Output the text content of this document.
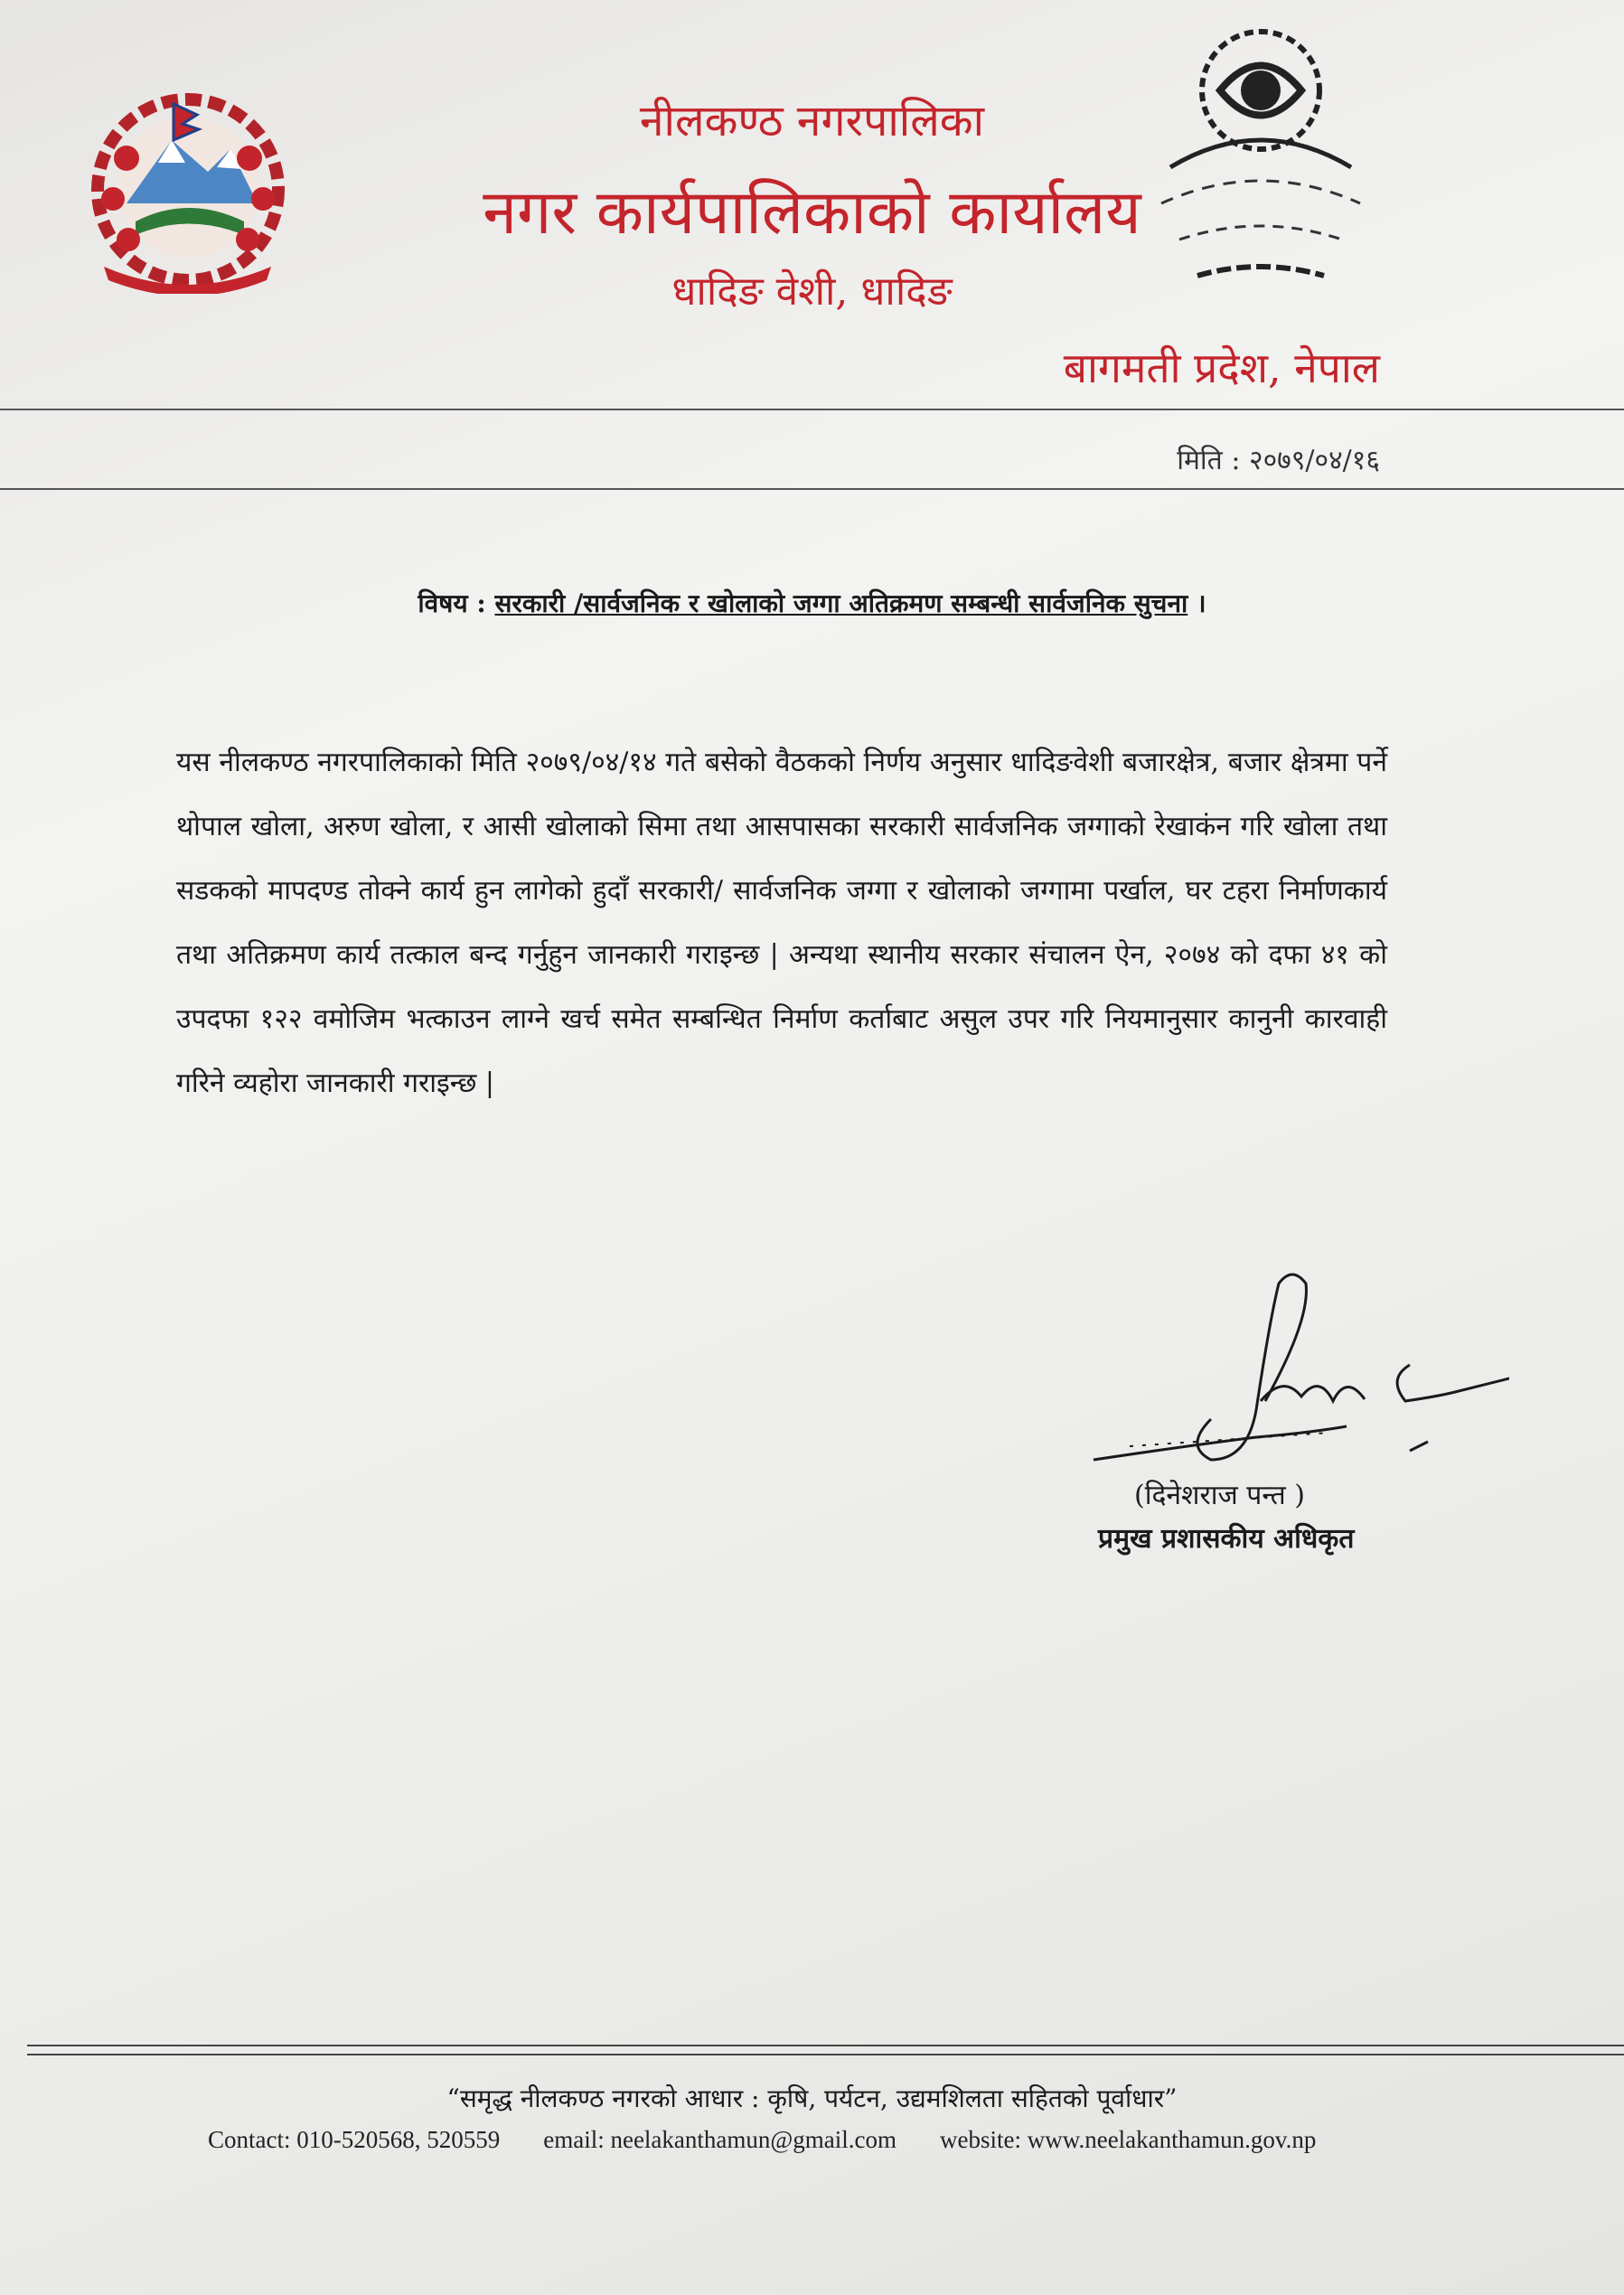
नीलकण्ठ नगरपालिका
नगर कार्यपालिकाको कार्यालय
धादिङ वेशी, धादिङ
बागमती प्रदेश, नेपाल
मिति : २०७९/०४/१६
विषय : सरकारी /सार्वजनिक र खोलाको जग्गा अतिक्रमण सम्बन्धी सार्वजनिक सुचना ।
यस नीलकण्ठ नगरपालिकाको मिति २०७९/०४/१४ गते बसेको वैठकको निर्णय अनुसार धादिङवेशी बजारक्षेत्र, बजार क्षेत्रमा पर्ने थोपाल खोला, अरुण खोला, र आसी खोलाको सिमा तथा आसपासका सरकारी सार्वजनिक जग्गाको रेखाकंन गरि खोला तथा सडकको मापदण्ड तोक्ने कार्य हुन लागेको हुदाँ सरकारी/ सार्वजनिक जग्गा र खोलाको जग्गामा पर्खाल, घर टहरा निर्माणकार्य तथा अतिक्रमण कार्य तत्काल बन्द गर्नुहुन जानकारी गराइन्छ | अन्यथा स्थानीय सरकार संचालन ऐन, २०७४ को दफा ४१ को उपदफा १२२ वमोजिम भत्काउन लाग्ने खर्च समेत सम्बन्धित निर्माण कर्ताबाट असुल उपर गरि नियमानुसार कानुनी कारवाही गरिने व्यहोरा जानकारी गराइन्छ |
(दिनेशराज पन्त )
प्रमुख प्रशासकीय अधिकृत
“समृद्ध नीलकण्ठ नगरको आधार : कृषि, पर्यटन, उद्यमशिलता सहितको पूर्वाधार”
Contact: 010-520568, 520559 email: neelakanthamun@gmail.com website: www.neelakanthamun.gov.np
